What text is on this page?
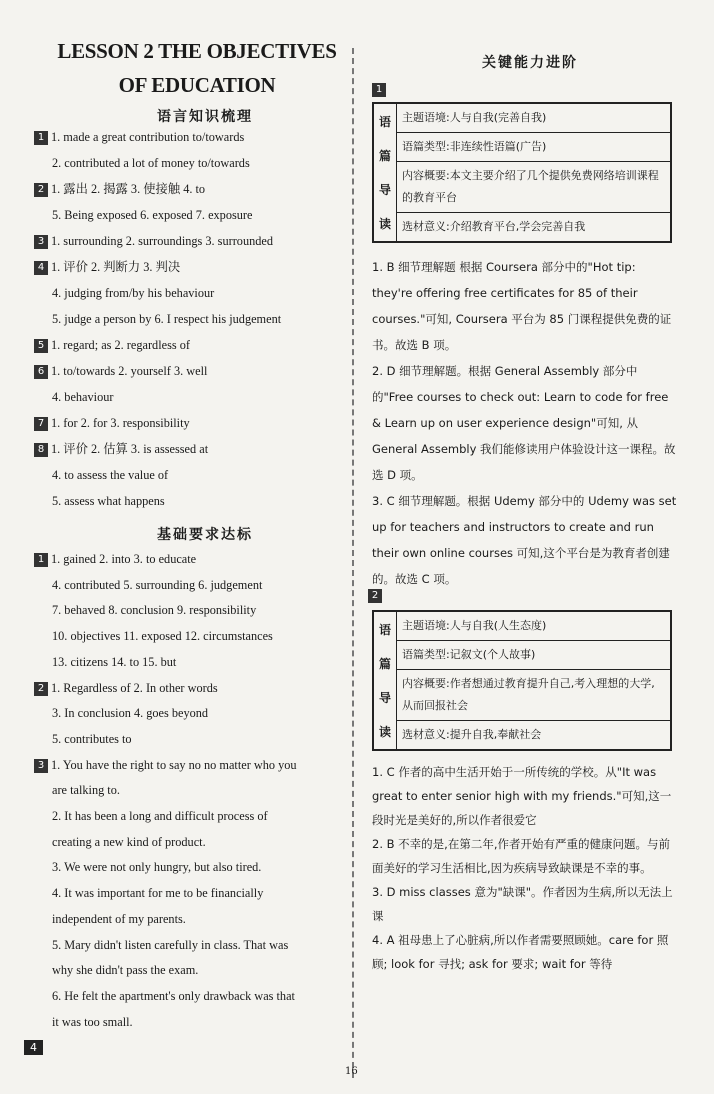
LESSON 2 THE OBJECTIVES
OF EDUCATION
语言知识梳理
1 1. made a great contribution to/towards
2. contributed a lot of money to/towards
2 1. 露出 2. 揭露 3. 使接触 4. to
5. Being exposed 6. exposed 7. exposure
3 1. surrounding 2. surroundings 3. surrounded
4 1. 评价 2. 判断力 3. 判决
4. judging from/by his behaviour
5. judge a person by 6. I respect his judgement
5 1. regard; as 2. regardless of
6 1. to/towards 2. yourself 3. well
4. behaviour
7 1. for 2. for 3. responsibility
8 1. 评价 2. 估算 3. is assessed at
4. to assess the value of
5. assess what happens
基础要求达标
1 1. gained 2. into 3. to educate
4. contributed 5. surrounding 6. judgement
7. behaved 8. conclusion 9. responsibility
10. objectives 11. exposed 12. circumstances
13. citizens 14. to 15. but
2 1. Regardless of 2. In other words
3. In conclusion 4. goes beyond
5. contributes to
3 1. You have the right to say no no matter who you
are talking to.
2. It has been a long and difficult process of
creating a new kind of product.
3. We were not only hungry, but also tired.
4. It was important for me to be financially
independent of my parents.
5. Mary didn't listen carefully in class. That was
why she didn't pass the exam.
6. He felt the apartment's only drawback was that
it was too small.
4
关键能力进阶
1
语
篇
导
读
主题语境:人与自我(完善自我)
语篇类型:非连续性语篇(广告)
内容概要:本文主要介绍了几个提供免费网络培训课程的教育平台
选材意义:介绍教育平台,学会完善自我
1. B 细节理解题 根据 Coursera 部分中的"Hot tip: they're offering free certificates for 85 of their courses."可知, Coursera 平台为 85 门课程提供免费的证书。故选 B 项。
2. D 细节理解题。根据 General Assembly 部分中的"Free courses to check out: Learn to code for free & Learn up on user experience design"可知, 从 General Assembly 我们能修读用户体验设计这一课程。故选 D 项。
3. C 细节理解题。根据 Udemy 部分中的 Udemy was set up for teachers and instructors to create and run their own online courses 可知,这个平台是为教育者创建的。故选 C 项。
2
语
篇
导
读
主题语境:人与自我(人生态度)
语篇类型:记叙文(个人故事)
内容概要:作者想通过教育提升自己,考入理想的大学,从而回报社会
选材意义:提升自我,奉献社会
1. C 作者的高中生活开始于一所传统的学校。从"It was great to enter senior high with my friends."可知,这一段时光是美好的,所以作者很爱它
2. B 不幸的是,在第二年,作者开始有严重的健康问题。与前面美好的学习生活相比,因为疾病导致缺课是不幸的事。
3. D miss classes 意为"缺课"。作者因为生病,所以无法上课
4. A 祖母患上了心脏病,所以作者需要照顾她。care for 照顾; look for 寻找; ask for 要求; wait for 等待
16
